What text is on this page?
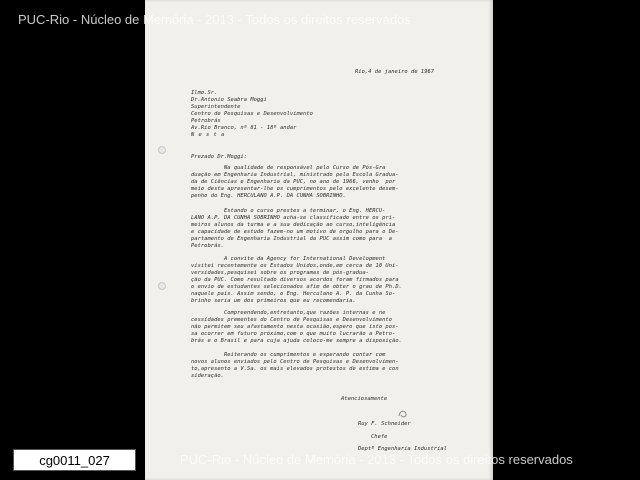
Rio,4 de janeiro de 1967
Ilmo.Sr.
Dr.Antonio Seabra Moggi
Superintendente
Centro de Pesquisas e Desenvolvimento
Petrobrás
Av.Rio Branco, nº 81 - 18º andar
N e s t a
Prezado Dr.Moggi:
Na qualidade de responsável pelo Curso de Pós-Gra
duação em Engenharia Industrial, ministrado pela Escola Gradua-
da de Ciências e Engenharia da PUC, no ano de 1966, venho  por
meio desta apresentar-lhe os cumprimentos pelo excelente desem-
penho do Eng. HERCULANO A.P. DA CUNHA SOBRINHO.
Estando o curso prestes a terminar, o Eng. HERCU-
LANO A.P. DA CUNHA SOBRINHO acha-se classificado entre os pri-
meiros alunos da turma e a sua dedicação ao curso,inteligência
e capacidade de estudo fazem-no um motivo de orgulho para o De-
partamento de Engenharia Industrial da PUC assim como para  a
Petrobrás.
A convite da Agency for International Development
visitei recentemente os Estados Unidos,onde,em cerca de 10 Uni-
versidades,pesquisei sobre os programas de pós-gradua-
ção da PUC. Como resultado diversos acordos foram firmados para
o envio de estudantes selecionados afim de obter o grau de Ph.D.
naquele país. Assim sendo, o Eng. Herculano A. P. da Cunha So-
brinho seria um dos primeiros que eu recomendaria.
Compreendendo,entretanto,que razões internas e ne
cessidades prementes do Centro de Pesquisas e Desenvolvimento
não permitem seu afastamento nesta ocasião,espero que isto pos-
sa ocorrer em futuro próximo,com o que muito lucrarão a Petro-
brás e o Brasil e para cuja ajuda coloco-me sempre a disposição.
Reiterando os cumprimentos e esperando contar com
novos alunos enviados pelo Centro de Pesquisas e Desenvolvimen-
to,apresento a V.Sa. os mais elevados protestos de estima e con
sideração.
Atenciosamente
Ruy F. Schneider
Chefe
Deptº Engenharia Industrial
PUC-Rio - Núcleo de Memória - 2013 - Todos os direitos reservados
PUC-Rio - Núcleo de Memória - 2013 - Todos os direitos reservados
cg0011_027
